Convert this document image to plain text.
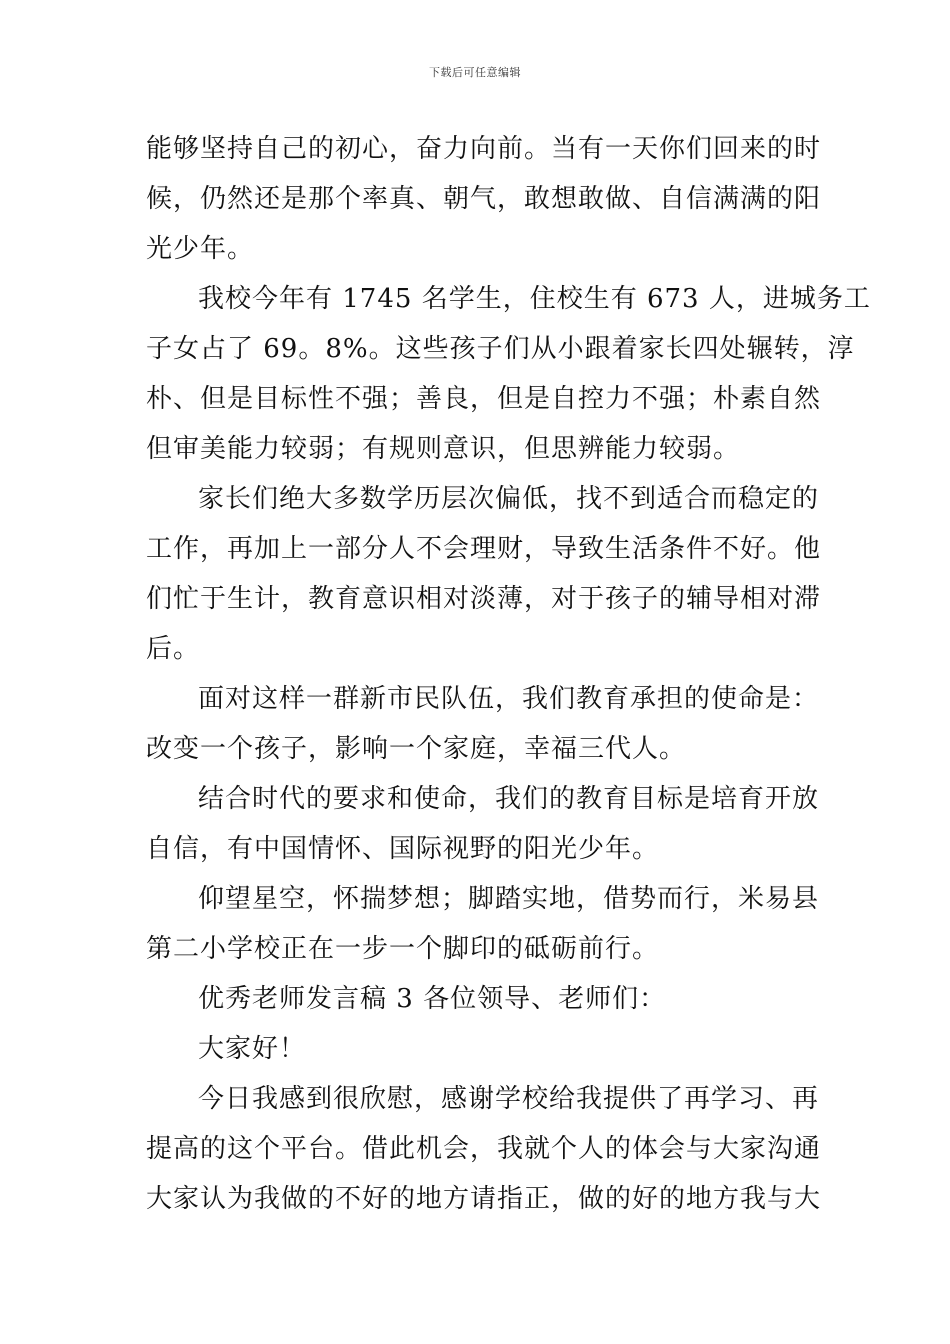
下载后可任意编辑
能够坚持自己的初心，奋力向前。当有一天你们回来的时
候，仍然还是那个率真、朝气，敢想敢做、自信满满的阳
光少年。
我校今年有 1745 名学生，住校生有 673 人，进城务工
子女占了 69。8%。这些孩子们从小跟着家长四处辗转，淳
朴、但是目标性不强；善良，但是自控力不强；朴素自然
但审美能力较弱；有规则意识，但思辨能力较弱。
家长们绝大多数学历层次偏低，找不到适合而稳定的
工作，再加上一部分人不会理财，导致生活条件不好。他
们忙于生计，教育意识相对淡薄，对于孩子的辅导相对滞
后。
面对这样一群新市民队伍，我们教育承担的使命是：
改变一个孩子，影响一个家庭，幸福三代人。
结合时代的要求和使命，我们的教育目标是培育开放
自信，有中国情怀、国际视野的阳光少年。
仰望星空，怀揣梦想；脚踏实地，借势而行，米易县
第二小学校正在一步一个脚印的砥砺前行。
优秀老师发言稿 3 各位领导、老师们：
大家好！
今日我感到很欣慰，感谢学校给我提供了再学习、再
提高的这个平台。借此机会，我就个人的体会与大家沟通
大家认为我做的不好的地方请指正，做的好的地方我与大
